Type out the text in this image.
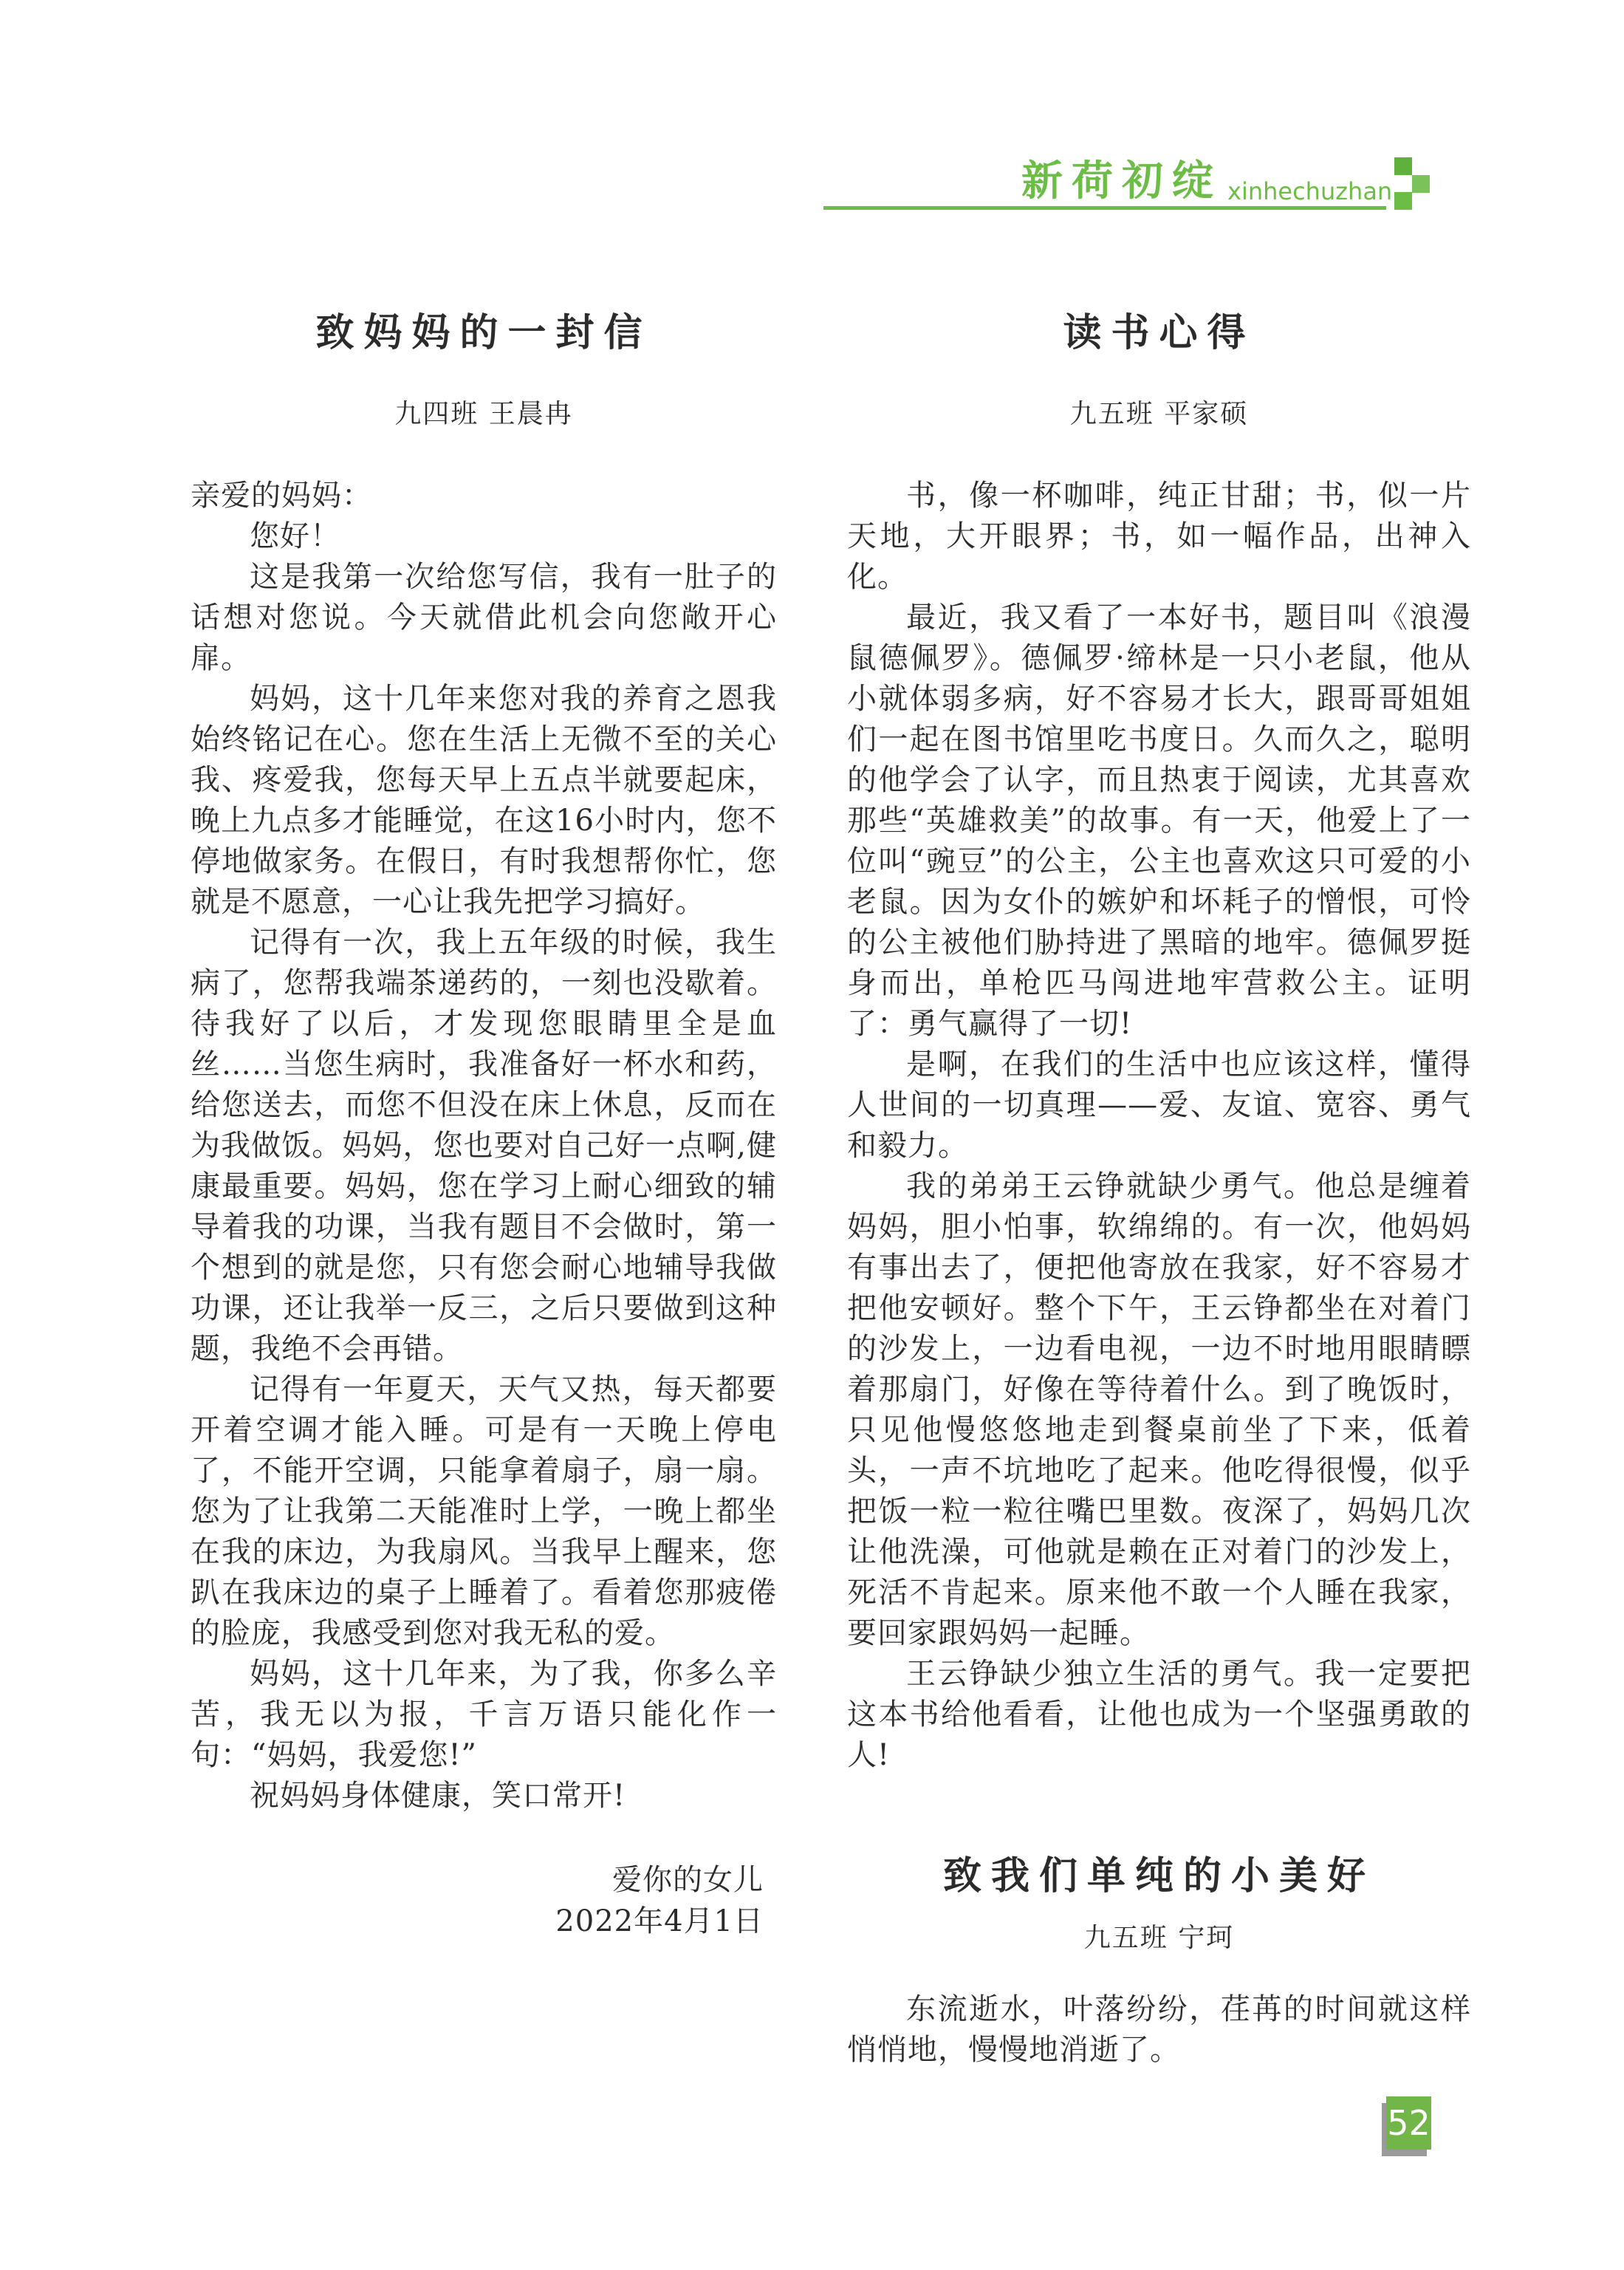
新荷初绽 xinhechuzhan
致妈妈的一封信
九四班 王晨冉

亲爱的妈妈：

您好！

这是我第一次给您写信，我有一肚子的话想对您说。今天就借此机会向您敞开心扉。

妈妈，这十几年来您对我的养育之恩我始终铭记在心。您在生活上无微不至的关心我、疼爱我，您每天早上五点半就要起床，晚上九点多才能睡觉，在这16小时内，您不停地做家务。在假日，有时我想帮你忙，您就是不愿意，一心让我先把学习搞好。

记得有一次，我上五年级的时候，我生病了，您帮我端茶递药的，一刻也没歇着。待我好了以后，才发现您眼睛里全是血丝……当您生病时，我准备好一杯水和药，给您送去，而您不但没在床上休息，反而在为我做饭。妈妈，您也要对自己好一点啊,健康最重要。妈妈，您在学习上耐心细致的辅导着我的功课，当我有题目不会做时，第一个想到的就是您，只有您会耐心地辅导我做功课，还让我举一反三，之后只要做到这种题，我绝不会再错。

记得有一年夏天，天气又热，每天都要开着空调才能入睡。可是有一天晚上停电了，不能开空调，只能拿着扇子，扇一扇。您为了让我第二天能准时上学，一晚上都坐在我的床边，为我扇风。当我早上醒来，您趴在我床边的桌子上睡着了。看着您那疲倦的脸庞，我感受到您对我无私的爱。

妈妈，这十几年来，为了我，你多么辛苦，我无以为报，千言万语只能化作一句：“妈妈，我爱您!”

祝妈妈身体健康，笑口常开!

爱你的女儿
2022年4月1日
读书心得
九五班 平家硕

书，像一杯咖啡，纯正甘甜；书，似一片天地，大开眼界；书，如一幅作品，出神入化。

最近，我又看了一本好书，题目叫《浪漫鼠德佩罗》。德佩罗·缔林是一只小老鼠，他从小就体弱多病，好不容易才长大，跟哥哥姐姐们一起在图书馆里吃书度日。久而久之，聪明的他学会了认字，而且热衷于阅读，尤其喜欢那些“英雄救美”的故事。有一天，他爱上了一位叫“豌豆”的公主，公主也喜欢这只可爱的小老鼠。因为女仆的嫉妒和坏耗子的憎恨，可怜的公主被他们胁持进了黑暗的地牢。德佩罗挺身而出，单枪匹马闯进地牢营救公主。证明了：勇气赢得了一切!

是啊，在我们的生活中也应该这样，懂得人世间的一切真理——爱、友谊、宽容、勇气和毅力。

我的弟弟王云铮就缺少勇气。他总是缠着妈妈，胆小怕事，软绵绵的。有一次，他妈妈有事出去了，便把他寄放在我家，好不容易才把他安顿好。整个下午，王云铮都坐在对着门的沙发上，一边看电视，一边不时地用眼睛瞟着那扇门，好像在等待着什么。到了晚饭时，只见他慢悠悠地走到餐桌前坐了下来，低着头，一声不坑地吃了起来。他吃得很慢，似乎把饭一粒一粒往嘴巴里数。夜深了，妈妈几次让他洗澡，可他就是赖在正对着门的沙发上，死活不肯起来。原来他不敢一个人睡在我家，要回家跟妈妈一起睡。

王云铮缺少独立生活的勇气。我一定要把这本书给他看看，让他也成为一个坚强勇敢的人!

致我们单纯的小美好
九五班 宁珂

东流逝水，叶落纷纷，荏苒的时间就这样悄悄地，慢慢地消逝了。

52
